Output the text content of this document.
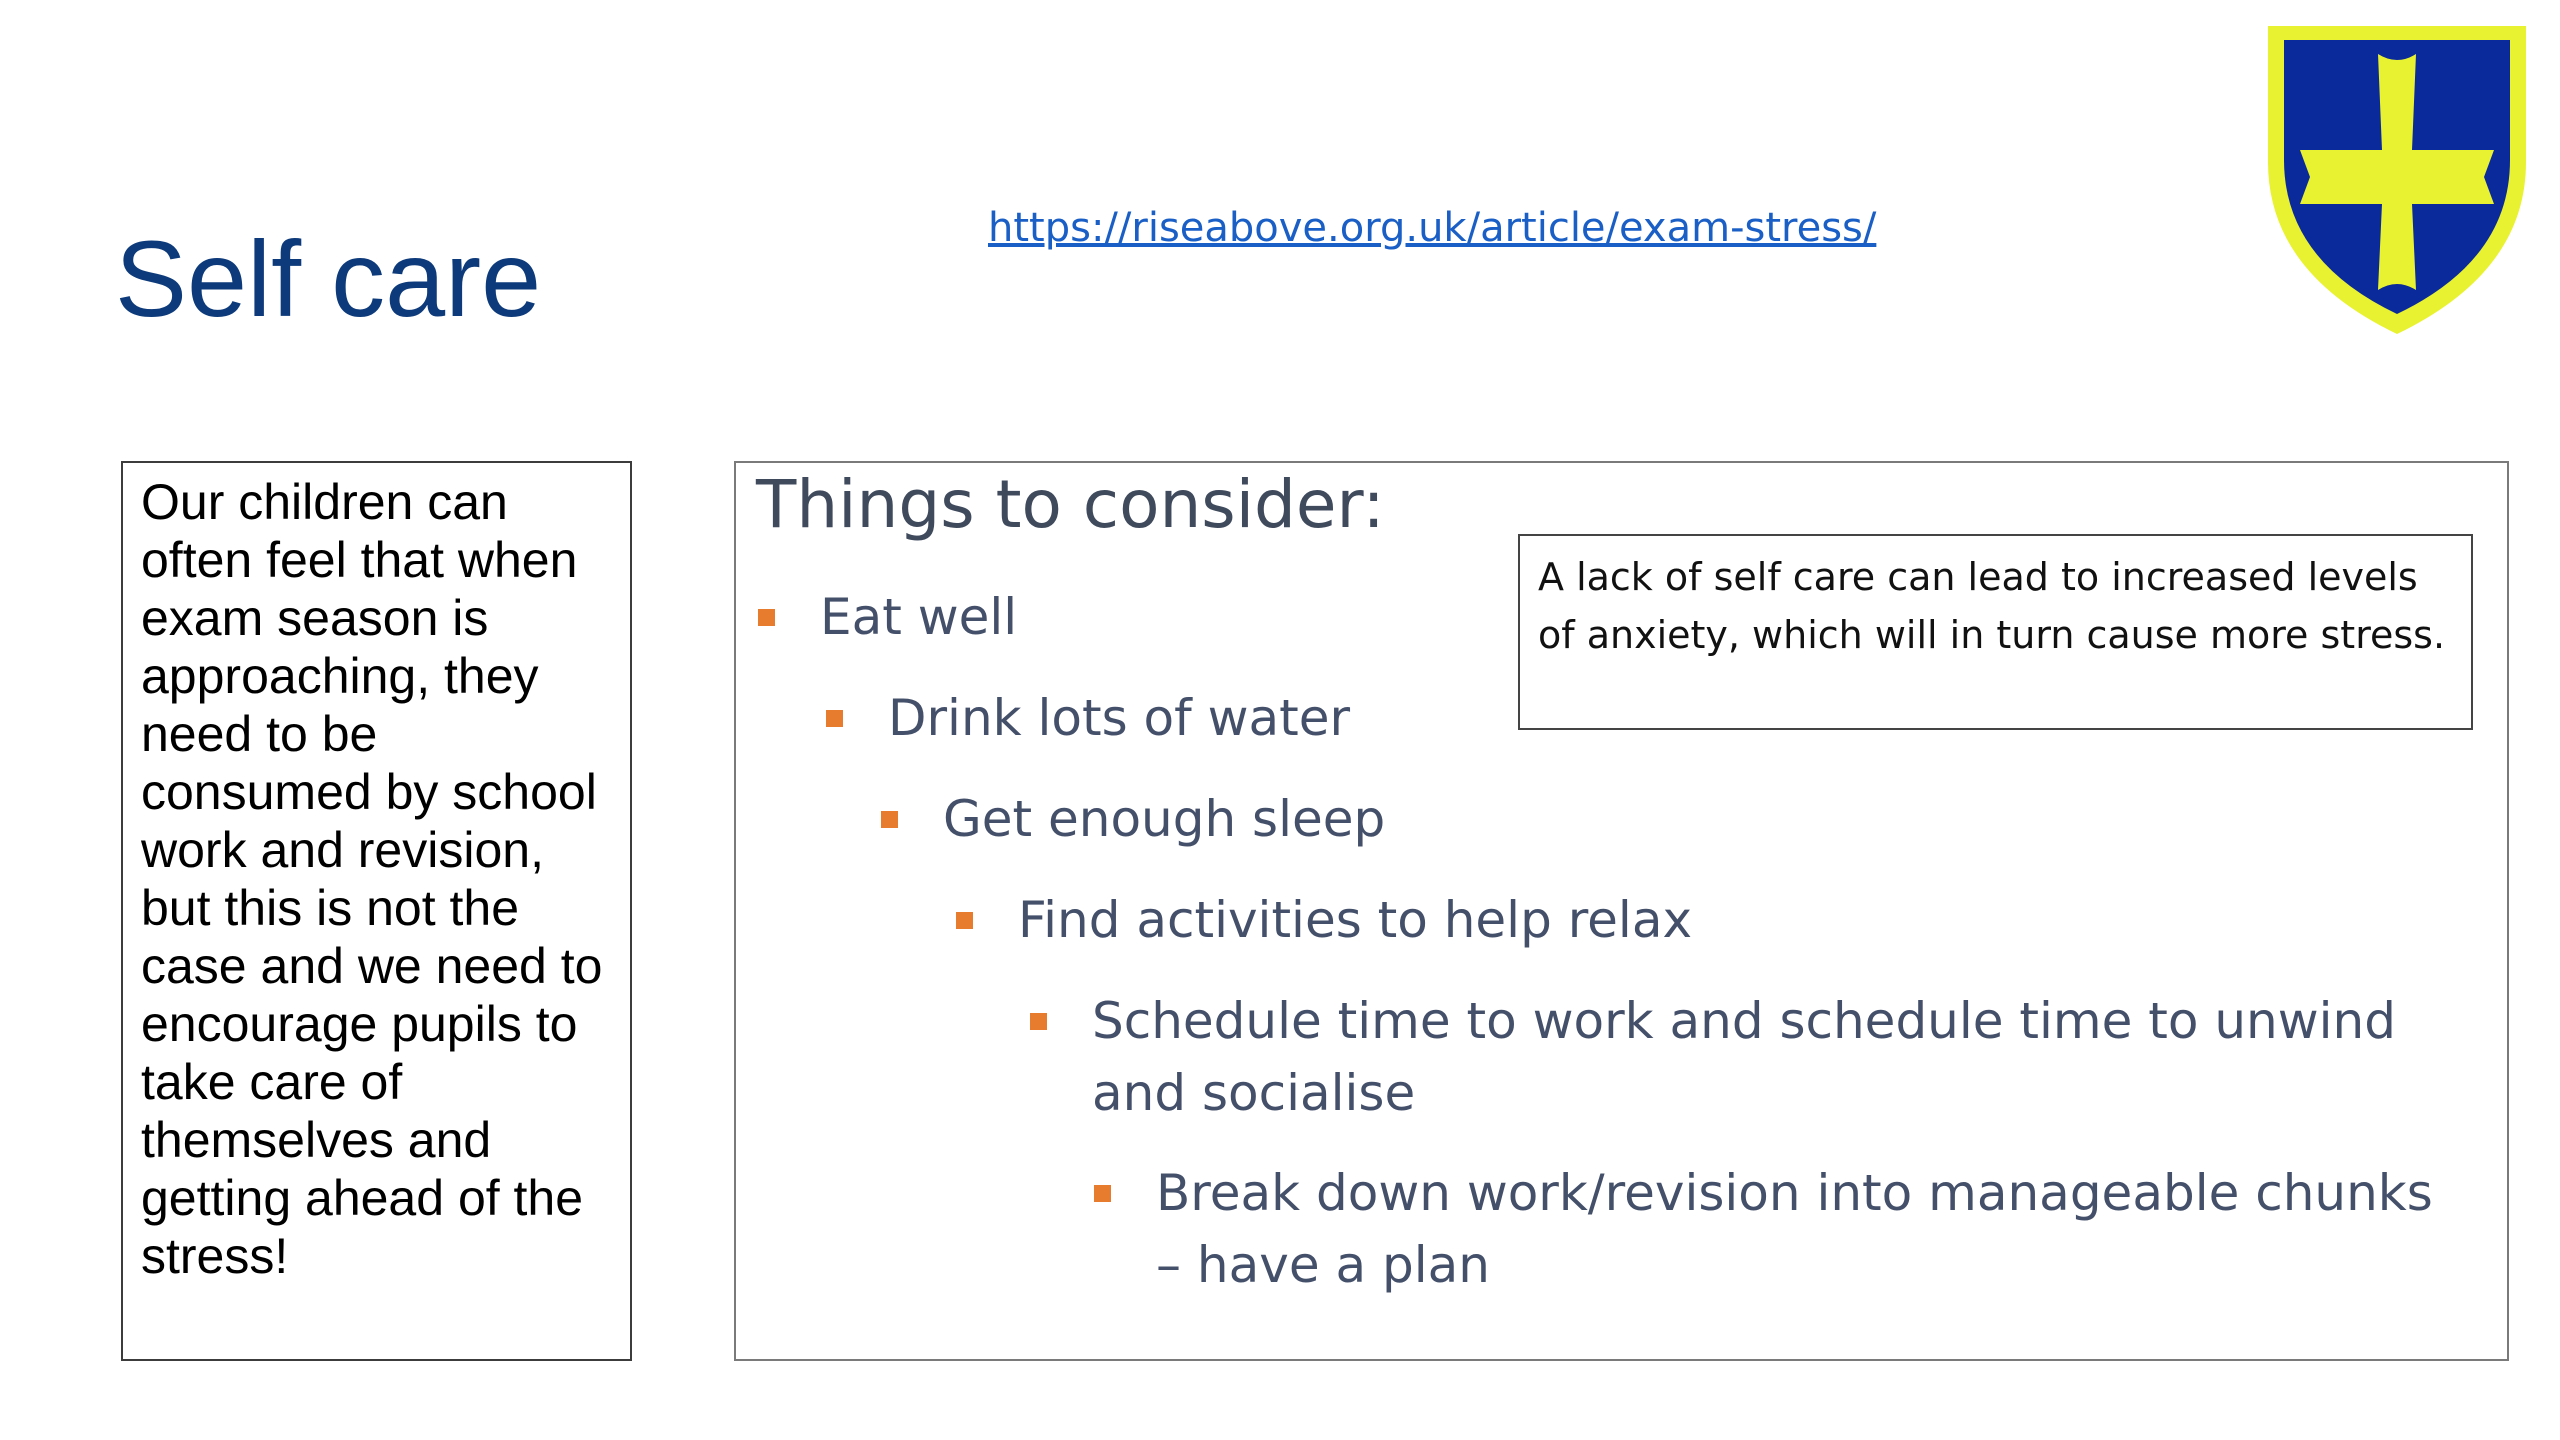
Self care	https://riseabove.org.uk/article/exam-stress/
Our children can often feel that when exam season is approaching, they need to be consumed by school work and revision, but this is not the case and we need to encourage pupils to take care of themselves and getting ahead of the stress!
Things to consider:
A lack of self care can lead to increased levels of anxiety, which will in turn cause more stress.
Eat well
Drink lots of water
Get enough sleep
Find activities to help relax
Schedule time to work and schedule time to unwind and socialise
Break down work/revision into manageable chunks – have a plan
